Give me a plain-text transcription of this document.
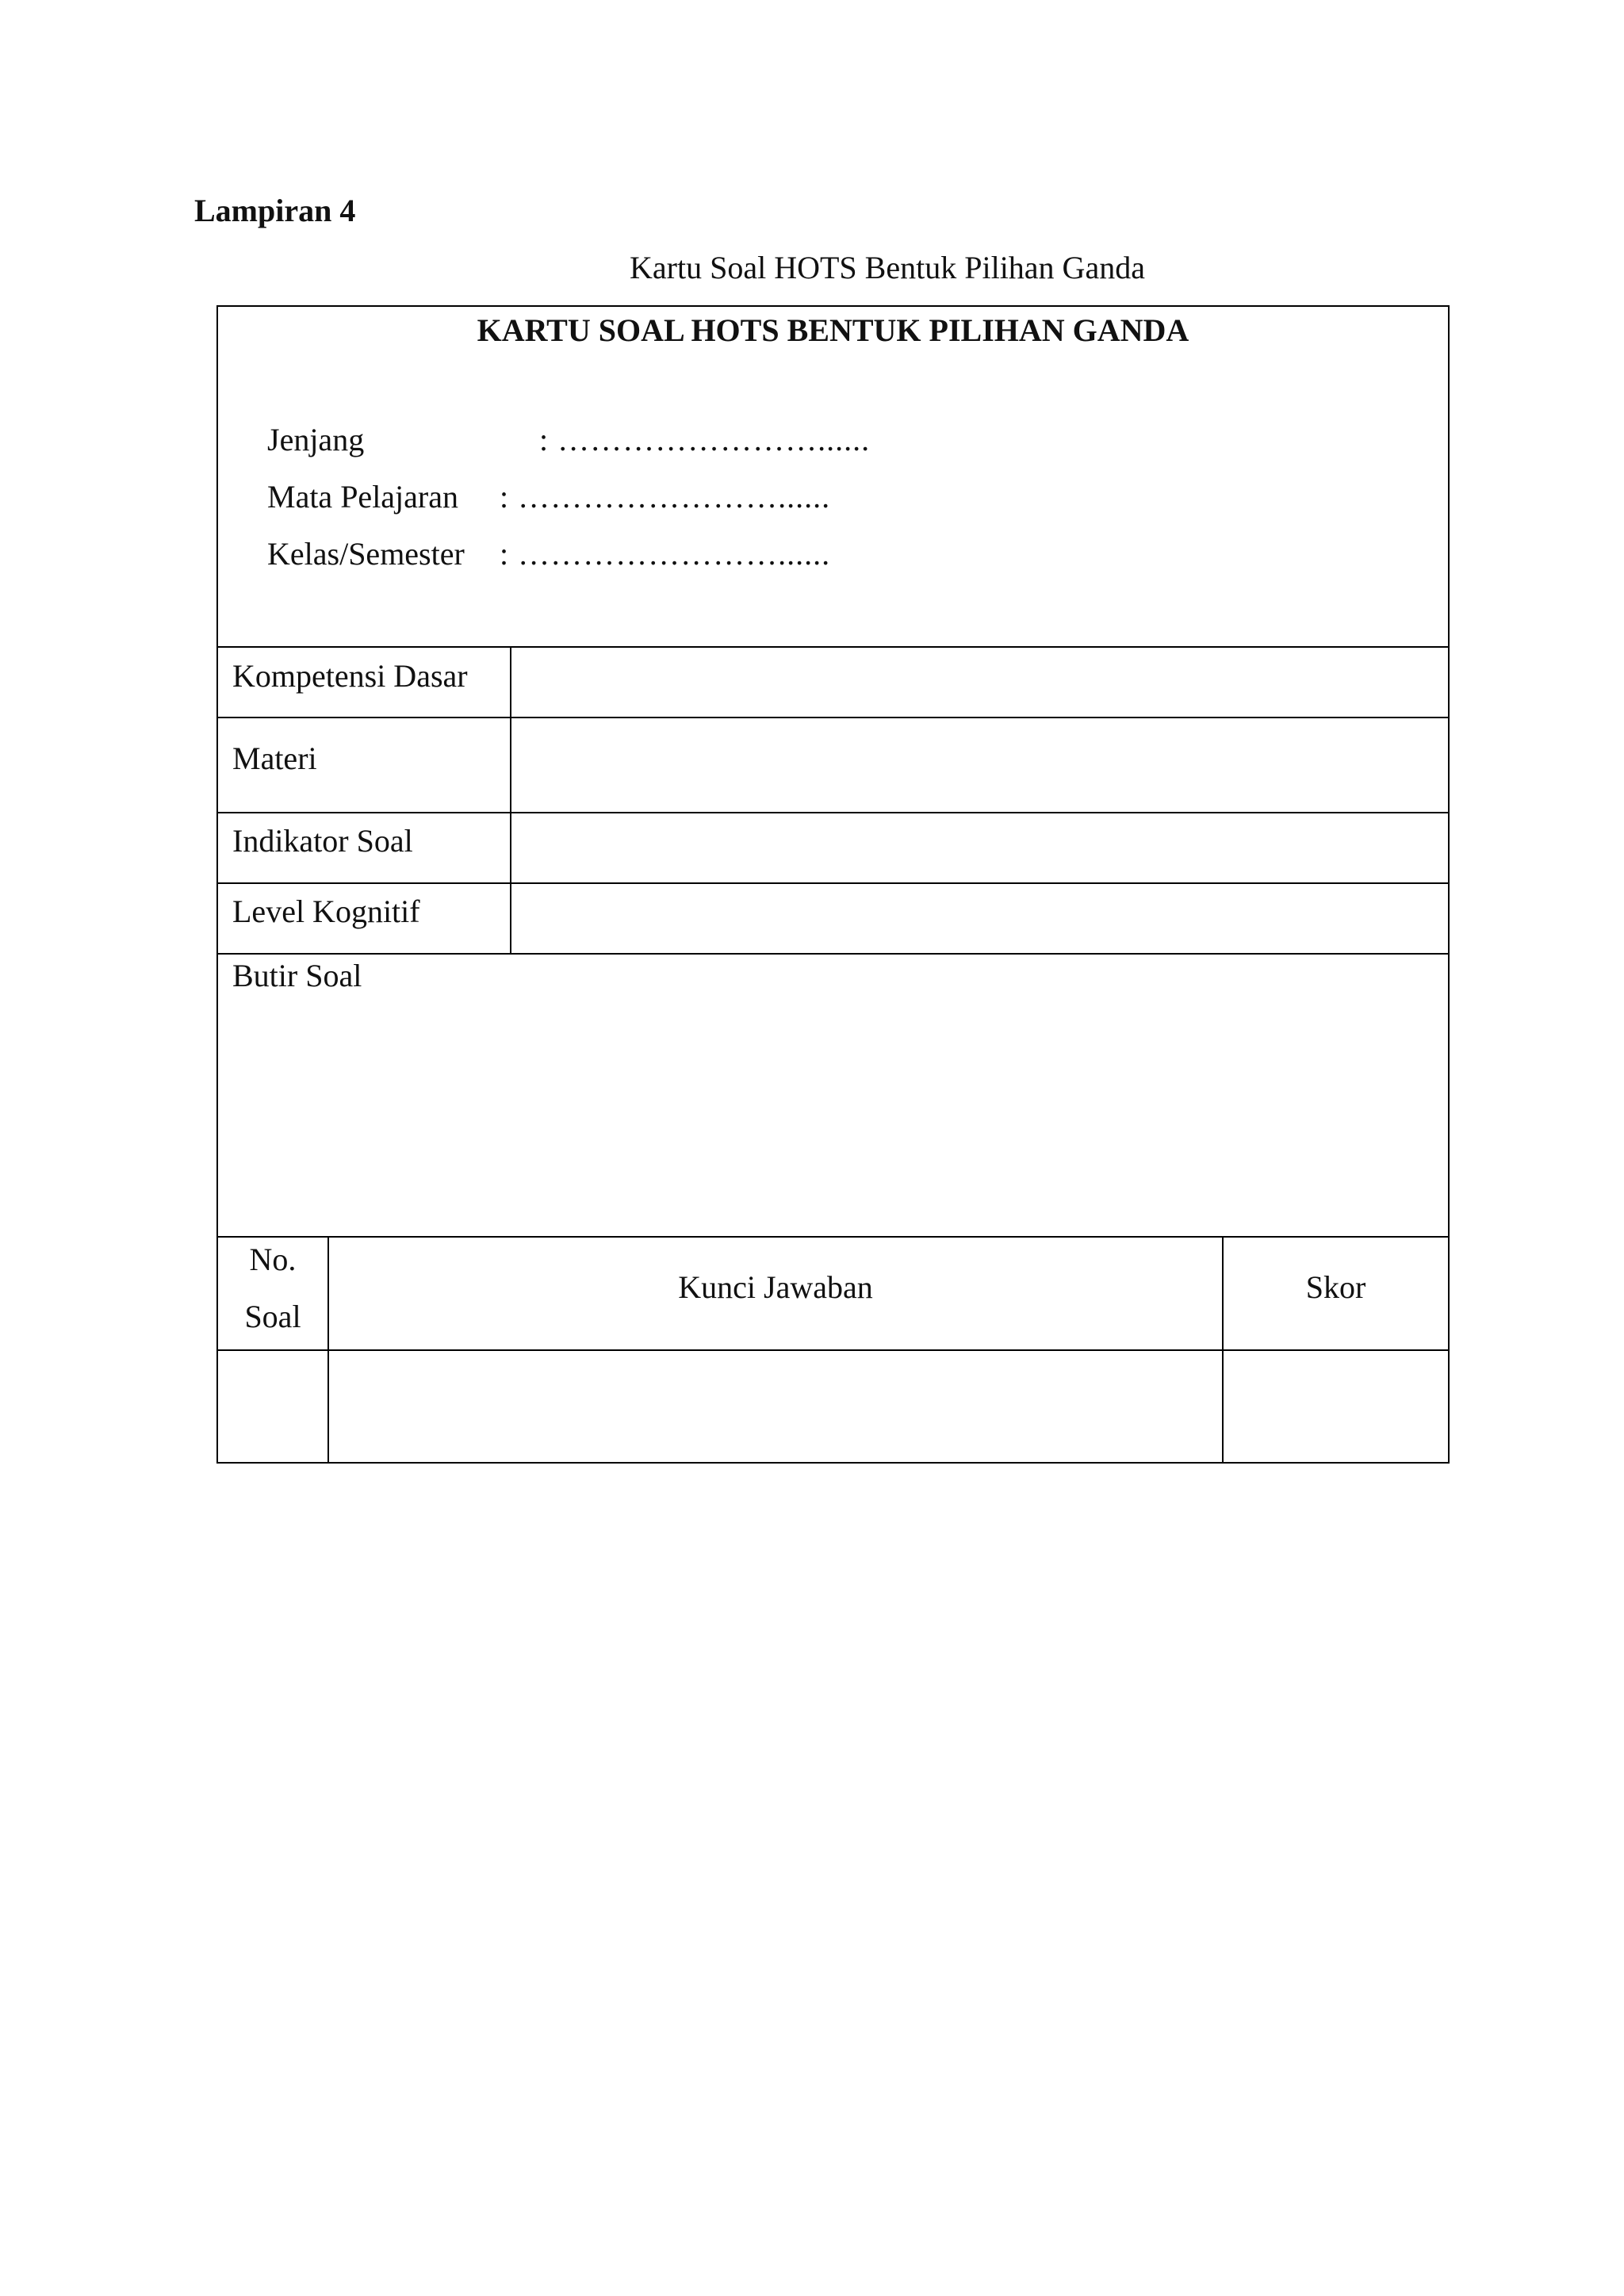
Lampiran 4
Kartu Soal HOTS Bentuk Pilihan Ganda
KARTU SOAL HOTS BENTUK PILIHAN GANDA
Jenjang	: ……………………......
Mata Pelajaran : ……………………......
Kelas/Semester : ……………………......
Kompetensi Dasar
Materi
Indikator Soal
Level Kognitif
Butir Soal
No.
Soal
Kunci Jawaban	Skor
